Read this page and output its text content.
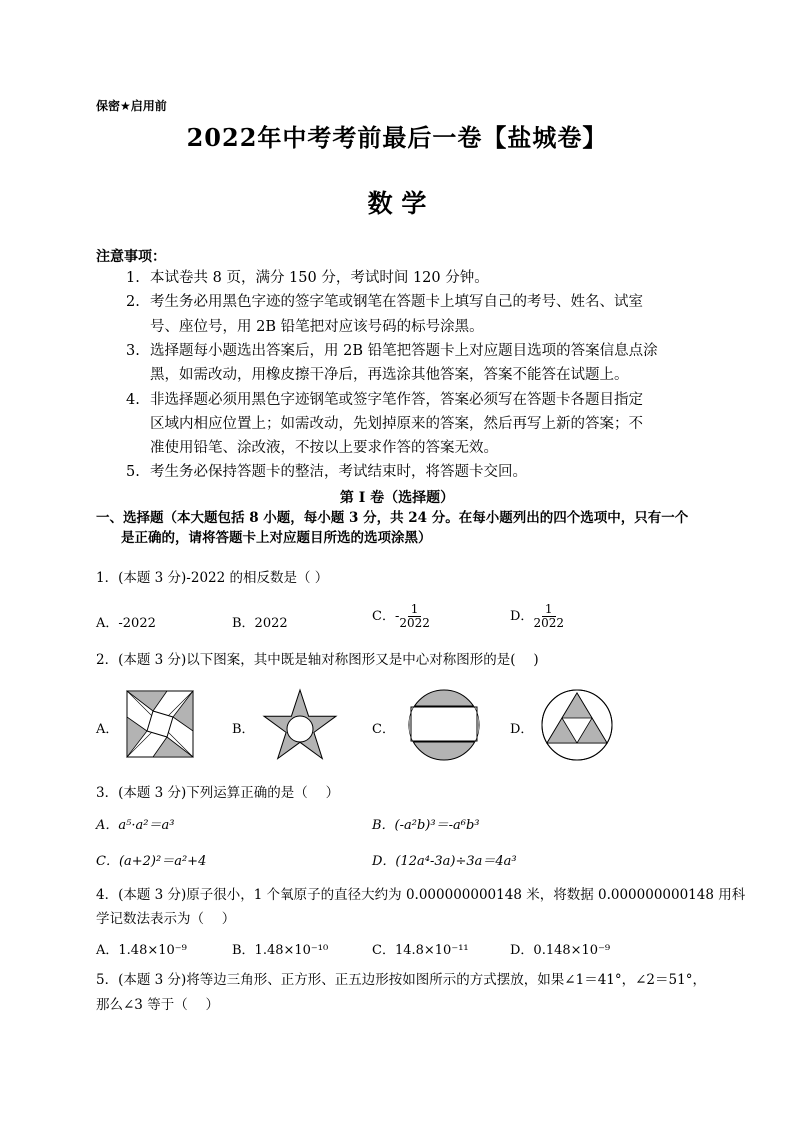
保密★启用前
2022年中考考前最后一卷【盐城卷】
数 学
注意事项：
1. 本试卷共 8 页，满分 150 分，考试时间 120 分钟。
2. 考生务必用黑色字迹的签字笔或钢笔在答题卡上填写自己的考号、姓名、试室
号、座位号，用 2B 铅笔把对应该号码的标号涂黑。
3. 选择题每小题选出答案后，用 2B 铅笔把答题卡上对应题目选项的答案信息点涂
黑，如需改动，用橡皮擦干净后，再选涂其他答案，答案不能答在试题上。
4. 非选择题必须用黑色字迹钢笔或签字笔作答，答案必须写在答题卡各题目指定
区域内相应位置上；如需改动，先划掉原来的答案，然后再写上新的答案；不
准使用铅笔、涂改液，不按以上要求作答的答案无效。
5. 考生务必保持答题卡的整洁，考试结束时，将答题卡交回。
第 I 卷（选择题）
一、选择题（本大题包括 8 小题，每小题 3 分，共 24 分。在每小题列出的四个选项中，只有一个
是正确的，请将答题卡上对应题目所选的选项涂黑）
1．(本题 3 分)-2022 的相反数是（ ）
A．-2022	B．2022	C．- $\frac{1}{2022}$	D． $\frac{1}{2022}$
2．(本题 3 分)以下图案，其中既是轴对称图形又是中心对称图形的是(　 )
A．	B．	C．	D．
3．(本题 3 分)下列运算正确的是（　 ）
A．a⁵·a²＝a³	B．(-a²b)³＝-a⁶b³
C．(a+2)²＝a²+4	D．(12a⁴-3a)÷3a＝4a³
4．(本题 3 分)原子很小，1 个氧原子的直径大约为 0.000000000148 米，将数据 0.000000000148 用科
学记数法表示为（　 ）
A．1.48×10⁻⁹	B．1.48×10⁻¹⁰	C．14.8×10⁻¹¹	D．0.148×10⁻⁹
5．(本题 3 分)将等边三角形、正方形、正五边形按如图所示的方式摆放，如果∠1＝41°，∠2＝51°，
那么∠3 等于（　 ）
